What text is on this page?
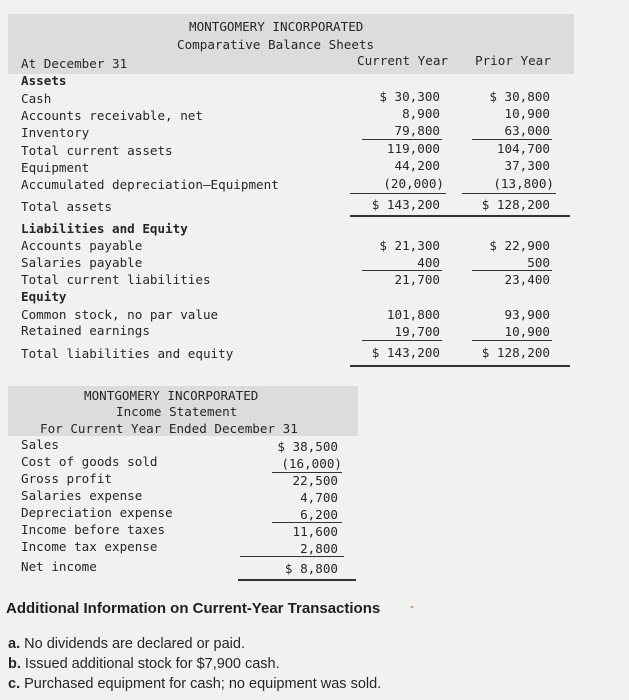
MONTGOMERY INCORPORATED
Comparative Balance Sheets
At December 31	Current Year Prior Year
Assets
Cash	$ 30,300	$ 30,800
Accounts receivable, net	8,900	10,900
Inventory	79,800	63,000
Total current assets	119,000	104,700
Equipment	44,200	37,300
Accumulated depreciation—Equipment	(20,000)	(13,800)
Total assets	$ 143,200	$ 128,200
Liabilities and Equity
Accounts payable	$ 21,300	$ 22,900
Salaries payable	400	500
Total current liabilities	21,700	23,400
Equity
Common stock, no par value	101,800	93,900
Retained earnings	19,700	10,900
Total liabilities and equity	$ 143,200	$ 128,200
MONTGOMERY INCORPORATED
Income Statement
For Current Year Ended December 31
Sales	$ 38,500
Cost of goods sold	(16,000)
Gross profit	22,500
Salaries expense	4,700
Depreciation expense	6,200
Income before taxes	11,600
Income tax expense	2,800
Net income	$ 8,800
Additional Information on Current-Year Transactions -
a. No dividends are declared or paid.
b. Issued additional stock for $7,900 cash.
c. Purchased equipment for cash; no equipment was sold.
